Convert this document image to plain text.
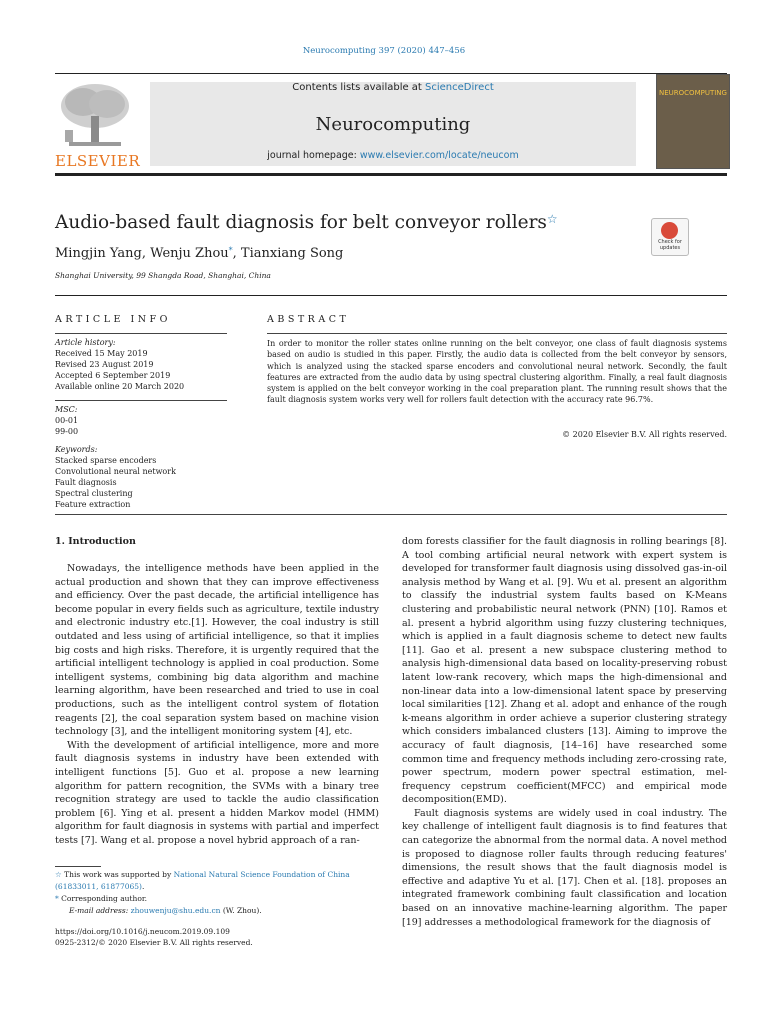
Neurocomputing 397 (2020) 447–456
ELSEVIER
Contents lists available at ScienceDirect
Neurocomputing
journal homepage: www.elsevier.com/locate/neucom
NEUROCOMPUTING
Audio-based fault diagnosis for belt conveyor rollers☆
Check for updates
Mingjin Yang, Wenju Zhou*, Tianxiang Song
Shanghai University, 99 Shangda Road, Shanghai, China
ARTICLE INFO
Article history:
Received 15 May 2019
Revised 23 August 2019
Accepted 6 September 2019
Available online 20 March 2020
MSC:
00-01
99-00
Keywords:
Stacked sparse encoders
Convolutional neural network
Fault diagnosis
Spectral clustering
Feature extraction
ABSTRACT
In order to monitor the roller states online running on the belt conveyor, one class of fault diagnosis systems based on audio is studied in this paper. Firstly, the audio data is collected from the belt conveyor by sensors, which is analyzed using the stacked sparse encoders and convolutional neural network. Secondly, the fault features are extracted from the audio data by using spectral clustering algorithm. Finally, a real fault diagnosis system is applied on the belt conveyor working in the coal preparation plant. The running result shows that the fault diagnosis system works very well for rollers fault detection with the accuracy rate 96.7%.
© 2020 Elsevier B.V. All rights reserved.
1. Introduction

Nowadays, the intelligence methods have been applied in the actual production and shown that they can improve effectiveness and efficiency. Over the past decade, the artificial intelligence has become popular in every fields such as agriculture, textile industry and electronic industry etc.[1]. However, the coal industry is still outdated and less using of artificial intelligence, so that it implies big costs and high risks. Therefore, it is urgently required that the artificial intelligent technology is applied in coal production. Some intelligent systems, combining big data algorithm and machine learning algorithm, have been researched and tried to use in coal productions, such as the intelligent control system of flotation reagents [2], the coal separation system based on machine vision technology [3], and the intelligent monitoring system [4], etc.

With the development of artificial intelligence, more and more fault diagnosis systems in industry have been extended with intelligent functions [5]. Guo et al. propose a new learning algorithm for pattern recognition, the SVMs with a binary tree recognition strategy are used to tackle the audio classification problem [6]. Ying et al. present a hidden Markov model (HMM) algorithm for fault diagnosis in systems with partial and imperfect tests [7]. Wang et al. propose a novel hybrid approach of a ran-

dom forests classifier for the fault diagnosis in rolling bearings [8]. A tool combing artificial neural network with expert system is developed for transformer fault diagnosis using dissolved gas-in-oil analysis method by Wang et al. [9]. Wu et al. present an algorithm to classify the industrial system faults based on K-Means clustering and probabilistic neural network (PNN) [10]. Ramos et al. present a hybrid algorithm using fuzzy clustering techniques, which is applied in a fault diagnosis scheme to detect new faults [11]. Gao et al. present a new subspace clustering method to analysis high-dimensional data based on locality-preserving robust latent low-rank recovery, which maps the high-dimensional and non-linear data into a low-dimensional latent space by preserving local similarities [12]. Zhang et al. adopt and enhance of the rough k-means algorithm in order achieve a superior clustering strategy which considers imbalanced clusters [13]. Aiming to improve the accuracy of fault diagnosis, [14–16] have researched some common time and frequency methods including zero-crossing rate, power spectrum, modern power spectral estimation, mel-frequency cepstrum coefficient(MFCC) and empirical mode decomposition(EMD).

Fault diagnosis systems are widely used in coal industry. The key challenge of intelligent fault diagnosis is to find features that can categorize the abnormal from the normal data. A novel method is proposed to diagnose roller faults through reducing features' dimensions, the result shows that the fault diagnosis model is effective and adaptive Yu et al. [17]. Chen et al. [18]. proposes an integrated framework combining fault classification and location based on an innovative machine-learning algorithm. The paper [19] addresses a methodological framework for the diagnosis of

☆ This work was supported by National Natural Science Foundation of China (61833011, 61877065).
* Corresponding author.
E-mail address: zhouwenju@shu.edu.cn (W. Zhou).
https://doi.org/10.1016/j.neucom.2019.09.109
0925-2312/© 2020 Elsevier B.V. All rights reserved.
